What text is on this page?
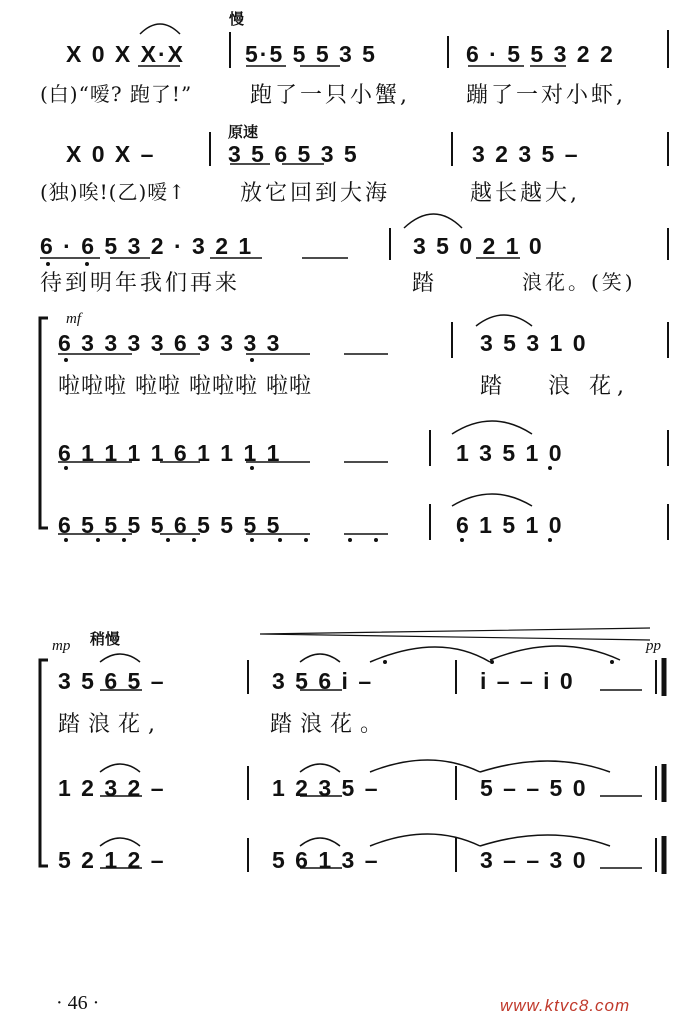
慢
X 0 X X·X	5·5 5 5 3 5	6 · 5 5 3 2 2
(白)“嗳? 跑了!”	跑了一只小蟹,	蹦了一对小虾,
原速
X 0 X –	3 5 6 5 3 5	3 2 3 5 –
(独)唉!(乙)嗳↑ 放它回到大海	越长越大,
6 · 6 5 3 2 · 3 2 1	3 5 0 2 1 0
待到明年我们再来	踏	浪花。(笑)
mf
6 3 3 3 3 6 3 3 3 3	3 5 3 1 0
啦啦啦 啦啦 啦啦啦 啦啦	踏 浪 花,
6 1 1 1 1 6 1 1 1 1	1 3 5 1 0
6 5 5 5 5 6 5 5 5 5	6 1 5 1 0
mp 稍慢	pp
3 5 6 5 –	3 5 6 i –	i – – i 0
踏浪花,	踏浪花。
1 2 3 2 –	1 2 3 5 –	5 – – 5 0
5 2 1 2 –	5 6 1 3 –	3 – – 3 0
· 46 ·	www.ktvc8.com
